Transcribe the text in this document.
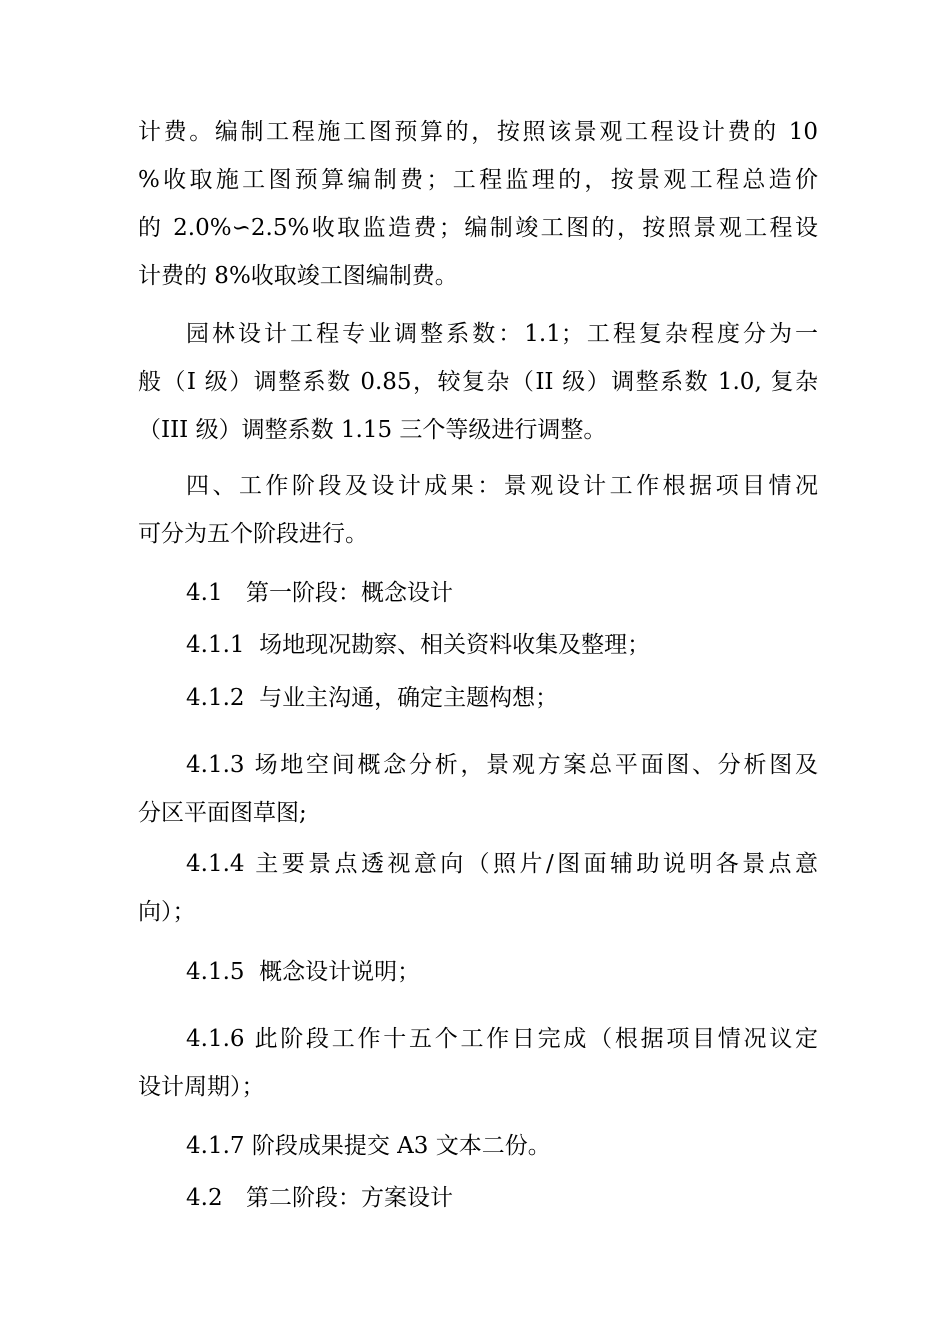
计费。编制工程施工图预算的，按照该景观工程设计费的 10
%收取施工图预算编制费；工程监理的，按景观工程总造价
的 2.0%∽2.5%收取监造费；编制竣工图的，按照景观工程设
计费的 8%收取竣工图编制费。
园林设计工程专业调整系数：1.1；工程复杂程度分为一
般（I 级）调整系数 0.85，较复杂（II 级）调整系数 1.0, 复杂
（III 级）调整系数 1.15 三个等级进行调整。
四、工作阶段及设计成果：景观设计工作根据项目情况
可分为五个阶段进行。
4.1 第一阶段：概念设计
4.1.1 场地现况勘察、相关资料收集及整理；
4.1.2 与业主沟通，确定主题构想；
4.1.3 场地空间概念分析，景观方案总平面图、分析图及
分区平面图草图;
4.1.4 主要景点透视意向（照片/图面辅助说明各景点意
向）；
4.1.5 概念设计说明；
4.1.6 此阶段工作十五个工作日完成（根据项目情况议定
设计周期）；
4.1.7 阶段成果提交 A3 文本二份。
4.2 第二阶段：方案设计
